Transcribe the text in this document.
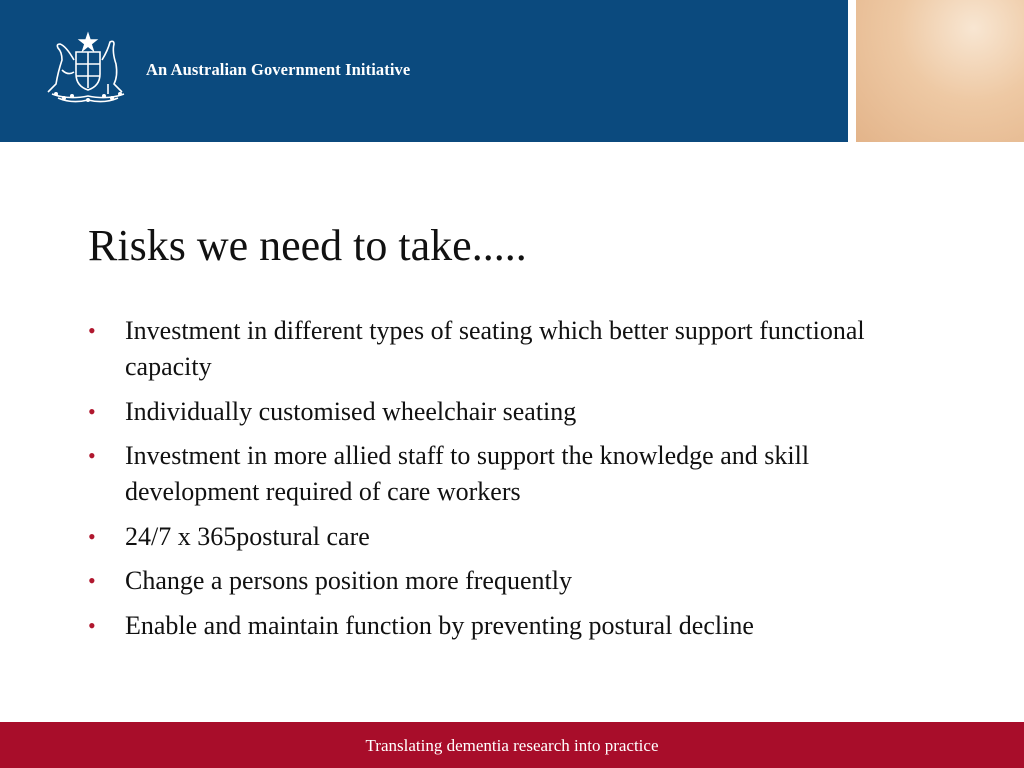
An Australian Government Initiative
Risks we need to take.....
• Investment in different types of seating which better support functional capacity
• Individually customised wheelchair seating
• Investment in more allied staff to support the knowledge and skill development required of care workers
• 24/7 x 365postural care
• Change a persons position more frequently
• Enable and maintain function by preventing postural decline
Translating dementia research into practice
